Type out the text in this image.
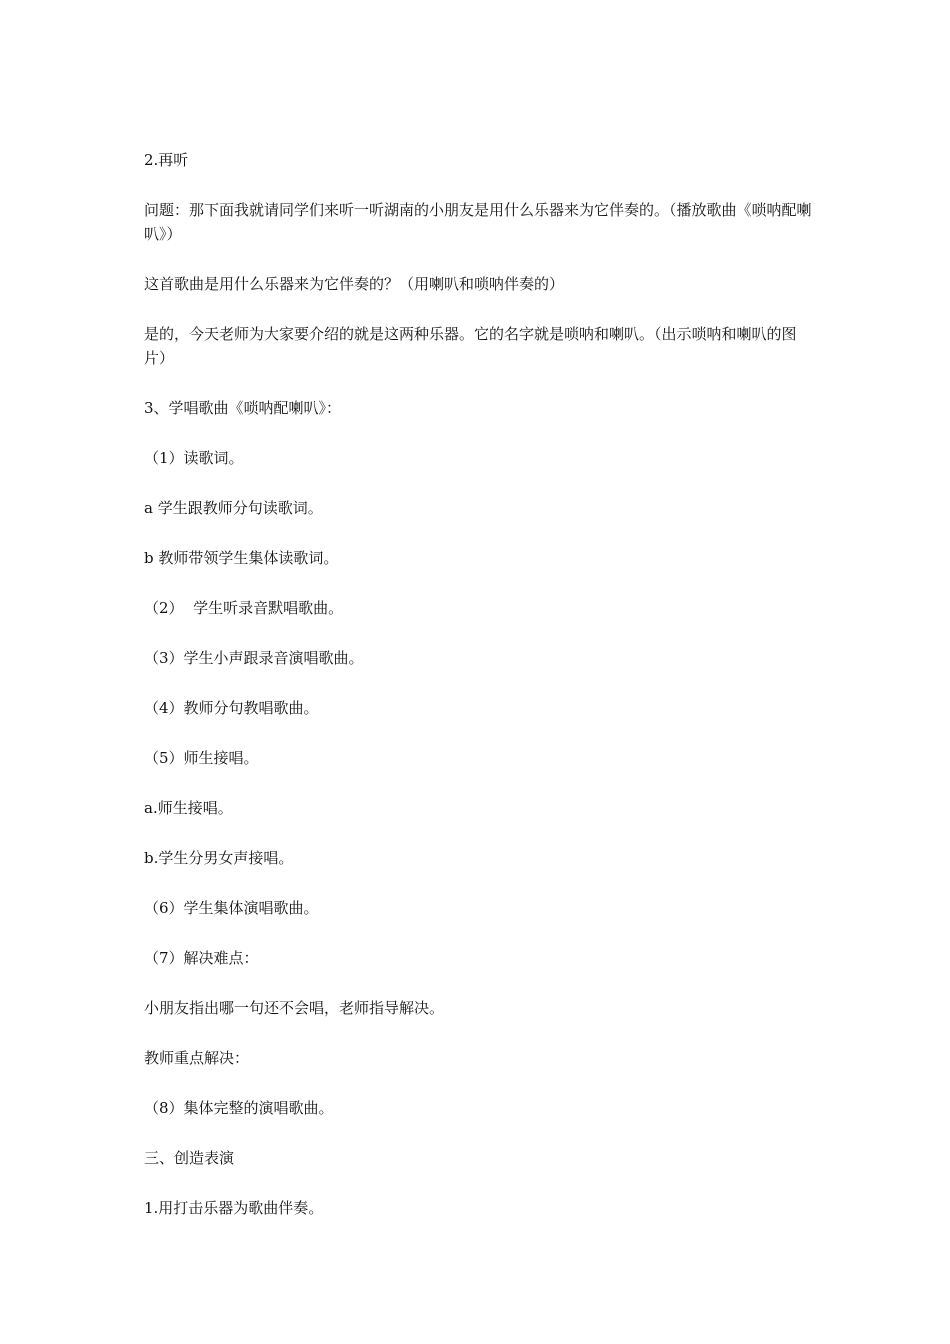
2.再听

问题：那下面我就请同学们来听一听湖南的小朋友是用什么乐器来为它伴奏的。（播放歌曲《唢呐配喇叭》）

这首歌曲是用什么乐器来为它伴奏的？（用喇叭和唢呐伴奏的）

是的，今天老师为大家要介绍的就是这两种乐器。它的名字就是唢呐和喇叭。（出示唢呐和喇叭的图片）

3、学唱歌曲《唢呐配喇叭》：

（1）读歌词。

a 学生跟教师分句读歌词。

b 教师带领学生集体读歌词。

（2）  学生听录音默唱歌曲。

（3）学生小声跟录音演唱歌曲。

（4）教师分句教唱歌曲。

（5）师生接唱。

a.师生接唱。

b.学生分男女声接唱。

（6）学生集体演唱歌曲。

（7）解决难点：

小朋友指出哪一句还不会唱，老师指导解决。

教师重点解决：

（8）集体完整的演唱歌曲。

三、创造表演

1.用打击乐器为歌曲伴奏。
